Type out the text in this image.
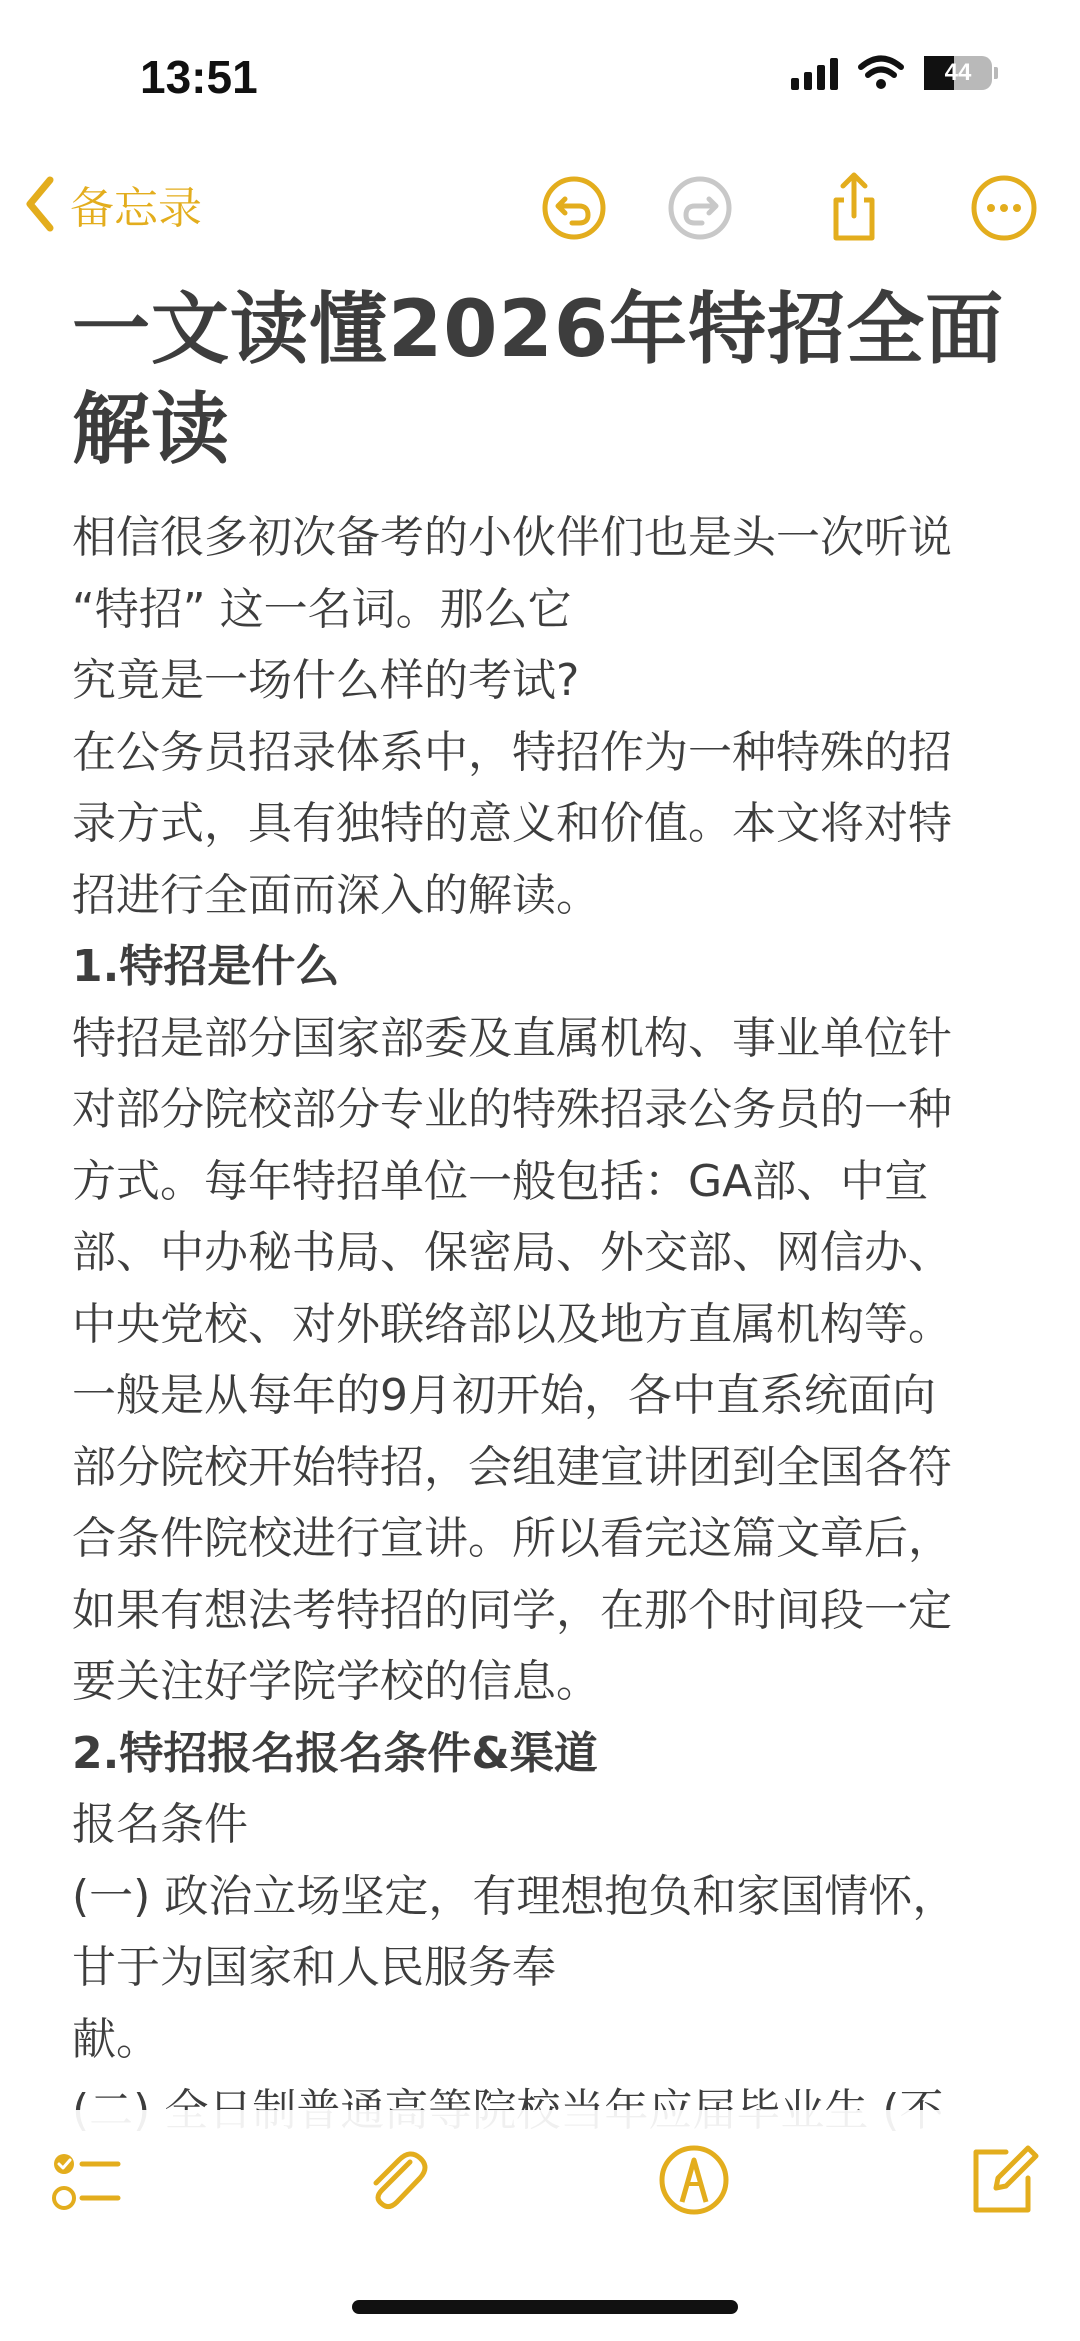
13:51	44
备忘录
一文读懂2026年特招全面
解读
相信很多初次备考的小伙伴们也是头一次听说
“特招” 这一名词。那么它
究竟是一场什么样的考试?
在公务员招录体系中，特招作为一种特殊的招
录方式，具有独特的意义和价值。本文将对特
招进行全面而深入的解读。
1.特招是什么
特招是部分国家部委及直属机构、事业单位针
对部分院校部分专业的特殊招录公务员的一种
方式。每年特招单位一般包括：GA部、中宣
部、中办秘书局、保密局、外交部、网信办、
中央党校、对外联络部以及地方直属机构等。
一般是从每年的9月初开始，各中直系统面向
部分院校开始特招，会组建宣讲团到全国各符
合条件院校进行宣讲。所以看完这篇文章后，
如果有想法考特招的同学，在那个时间段一定
要关注好学院学校的信息。
2.特招报名报名条件&渠道
报名条件
(一) 政治立场坚定，有理想抱负和家国情怀，
甘于为国家和人民服务奉
献。
